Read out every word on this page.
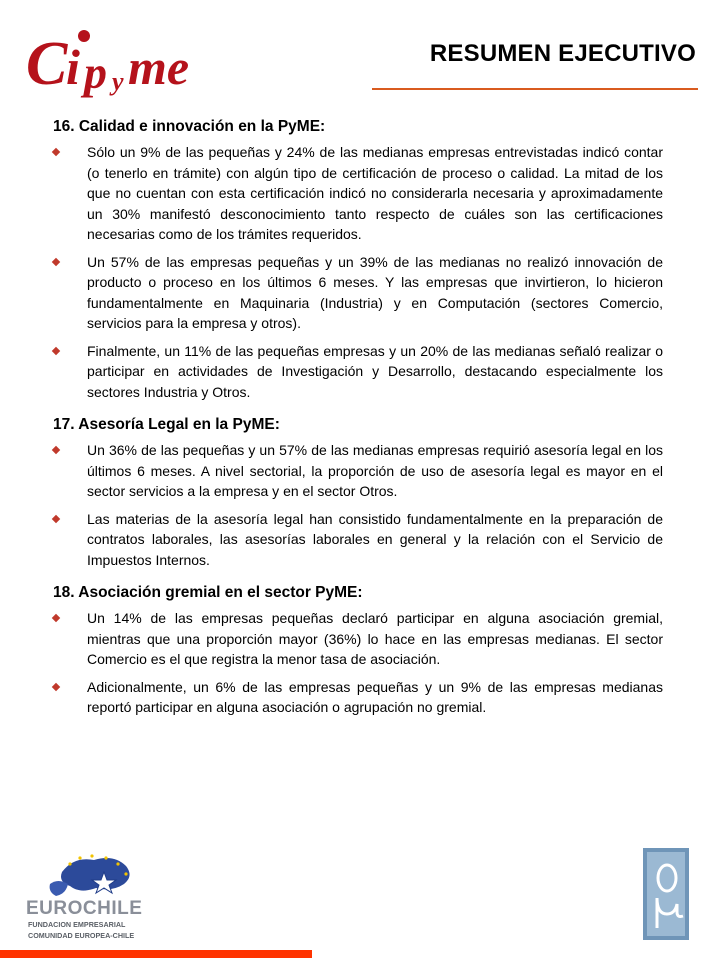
C
i p y me	RESUMEN EJECUTIVO
16. Calidad e innovación en la PyME:
Sólo un 9% de las pequeñas y 24% de las medianas empresas entrevistadas indicó contar (o tenerlo en trámite) con algún tipo de certificación de proceso o calidad. La mitad de los que no cuentan con esta certificación indicó no considerarla necesaria y aproximadamente un 30% manifestó desconocimiento tanto respecto de cuáles son las certificaciones necesarias como de los trámites requeridos.
Un 57% de las empresas pequeñas y un 39% de las medianas no realizó innovación de producto o proceso en los últimos 6 meses. Y las empresas que invirtieron, lo hicieron fundamentalmente en Maquinaria (Industria) y en Computación (sectores Comercio, servicios para la empresa y otros).
Finalmente, un 11% de las pequeñas empresas y un 20% de las medianas señaló realizar o participar en actividades de Investigación y Desarrollo, destacando especialmente los sectores Industria y Otros.
17. Asesoría Legal en la PyME:
Un 36% de las pequeñas y un 57% de las medianas empresas requirió asesoría legal en los últimos 6 meses. A nivel sectorial, la proporción de uso de asesoría legal es mayor en el sector servicios a la empresa y en el sector Otros.
Las materias de la asesoría legal han consistido fundamentalmente en la preparación de contratos laborales, las asesorías laborales en general y la relación con el Servicio de Impuestos Internos.
18. Asociación gremial en el sector PyME:
Un 14% de las empresas pequeñas declaró participar en alguna asociación gremial, mientras que una proporción mayor (36%) lo hace en las empresas medianas. El sector Comercio es el que registra la menor tasa de asociación.
Adicionalmente, un 6% de las empresas pequeñas y un 9% de las empresas medianas reportó participar en alguna asociación o agrupación no gremial.
EUROCHILE
FUNDACION EMPRESARIAL
COMUNIDAD EUROPEA-CHILE
